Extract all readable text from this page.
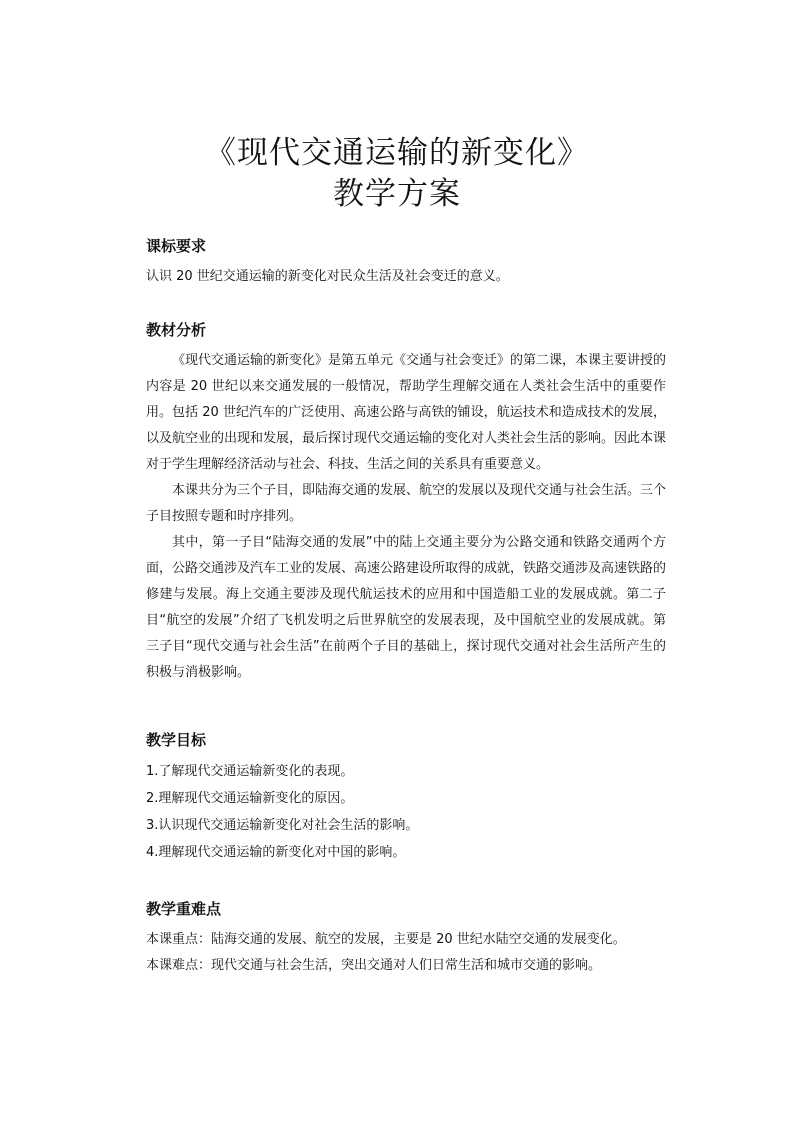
《现代交通运输的新变化》
教学方案
课标要求

认识 20 世纪交通运输的新变化对民众生活及社会变迁的意义。

教材分析

《现代交通运输的新变化》是第五单元《交通与社会变迁》的第二课，本课主要讲授的内容是 20 世纪以来交通发展的一般情况，帮助学生理解交通在人类社会生活中的重要作用。包括 20 世纪汽车的广泛使用、高速公路与高铁的铺设，航运技术和造成技术的发展，以及航空业的出现和发展，最后探讨现代交通运输的变化对人类社会生活的影响。因此本课对于学生理解经济活动与社会、科技、生活之间的关系具有重要意义。

本课共分为三个子目，即陆海交通的发展、航空的发展以及现代交通与社会生活。三个子目按照专题和时序排列。

其中，第一子目“陆海交通的发展”中的陆上交通主要分为公路交通和铁路交通两个方面，公路交通涉及汽车工业的发展、高速公路建设所取得的成就，铁路交通涉及高速铁路的修建与发展。海上交通主要涉及现代航运技术的应用和中国造船工业的发展成就。第二子目“航空的发展”介绍了飞机发明之后世界航空的发展表现，及中国航空业的发展成就。第三子目“现代交通与社会生活”在前两个子目的基础上，探讨现代交通对社会生活所产生的积极与消极影响。

教学目标

1.了解现代交通运输新变化的表现。

2.理解现代交通运输新变化的原因。

3.认识现代交通运输新变化对社会生活的影响。

4.理解现代交通运输的新变化对中国的影响。

教学重难点

本课重点：陆海交通的发展、航空的发展，主要是 20 世纪水陆空交通的发展变化。

本课难点：现代交通与社会生活，突出交通对人们日常生活和城市交通的影响。
